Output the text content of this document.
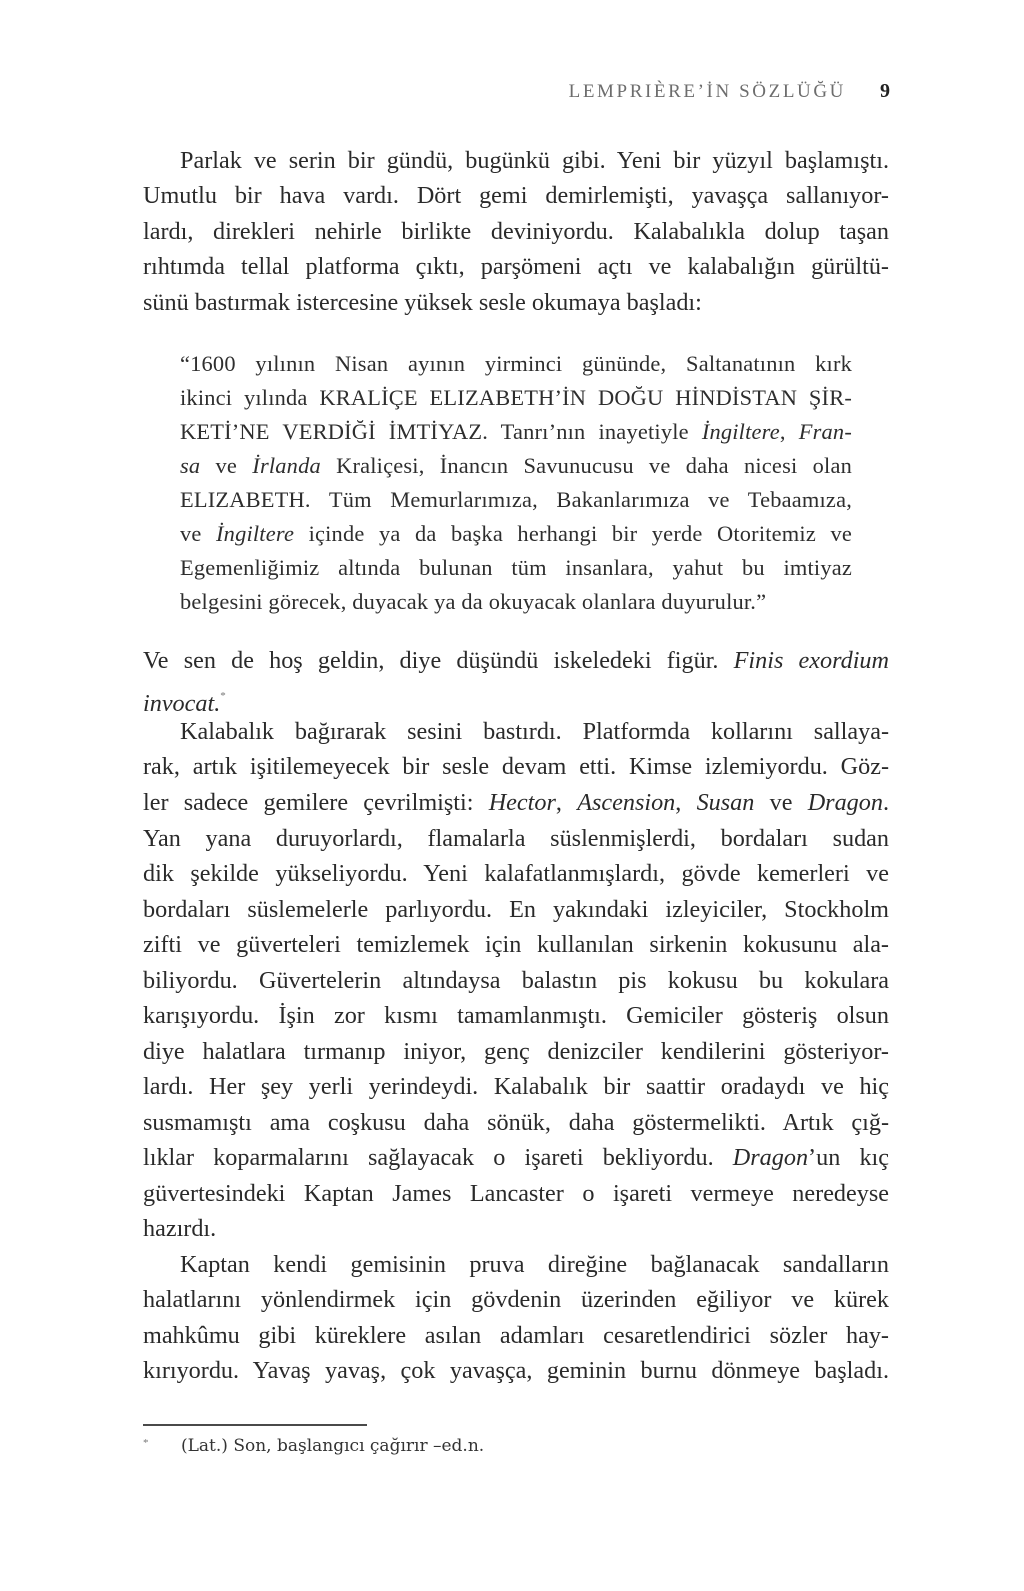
LEMPRIÈRE’İN SÖZLÜĞÜ 9
Parlak ve serin bir gündü, bugünkü gibi. Yeni bir yüzyıl başlamıştı.
Umutlu bir hava vardı. Dört gemi demirlemişti, yavaşça sallanıyor-
lardı, direkleri nehirle birlikte deviniyordu. Kalabalıkla dolup taşan
rıhtımda tellal platforma çıktı, parşömeni açtı ve kalabalığın gürültü-
sünü bastırmak istercesine yüksek sesle okumaya başladı:
“1600 yılının Nisan ayının yirminci gününde, Saltanatının kırk
ikinci yılında KRALİÇE ELIZABETH’İN DOĞU HİNDİSTAN ŞİR-
KETİ’NE VERDİĞİ İMTİYAZ. Tanrı’nın inayetiyle İngiltere, Fran-
sa ve İrlanda Kraliçesi, İnancın Savunucusu ve daha nicesi olan
ELIZABETH. Tüm Memurlarımıza, Bakanlarımıza ve Tebaamıza,
ve İngiltere içinde ya da başka herhangi bir yerde Otoritemiz ve
Egemenliğimiz altında bulunan tüm insanlara, yahut bu imtiyaz
belgesini görecek, duyacak ya da okuyacak olanlara duyurulur.”
Ve sen de hoş geldin, diye düşündü iskeledeki figür. Finis exordium
invocat.*
Kalabalık bağırarak sesini bastırdı. Platformda kollarını sallaya-
rak, artık işitilemeyecek bir sesle devam etti. Kimse izlemiyordu. Göz-
ler sadece gemilere çevrilmişti: Hector, Ascension, Susan ve Dragon.
Yan yana duruyorlardı, flamalarla süslenmişlerdi, bordaları sudan
dik şekilde yükseliyordu. Yeni kalafatlanmışlardı, gövde kemerleri ve
bordaları süslemelerle parlıyordu. En yakındaki izleyiciler, Stockholm
zifti ve güverteleri temizlemek için kullanılan sirkenin kokusunu ala-
biliyordu. Güvertelerin altındaysa balastın pis kokusu bu kokulara
karışıyordu. İşin zor kısmı tamamlanmıştı. Gemiciler gösteriş olsun
diye halatlara tırmanıp iniyor, genç denizciler kendilerini gösteriyor-
lardı. Her şey yerli yerindeydi. Kalabalık bir saattir oradaydı ve hiç
susmamıştı ama coşkusu daha sönük, daha göstermelikti. Artık çığ-
lıklar koparmalarını sağlayacak o işareti bekliyordu. Dragon’un kıç
güvertesindeki Kaptan James Lancaster o işareti vermeye neredeyse
hazırdı.
Kaptan kendi gemisinin pruva direğine bağlanacak sandalların
halatlarını yönlendirmek için gövdenin üzerinden eğiliyor ve kürek
mahkûmu gibi küreklere asılan adamları cesaretlendirici sözler hay-
kırıyordu. Yavaş yavaş, çok yavaşça, geminin burnu dönmeye başladı.
* (Lat.) Son, başlangıcı çağırır –ed.n.
